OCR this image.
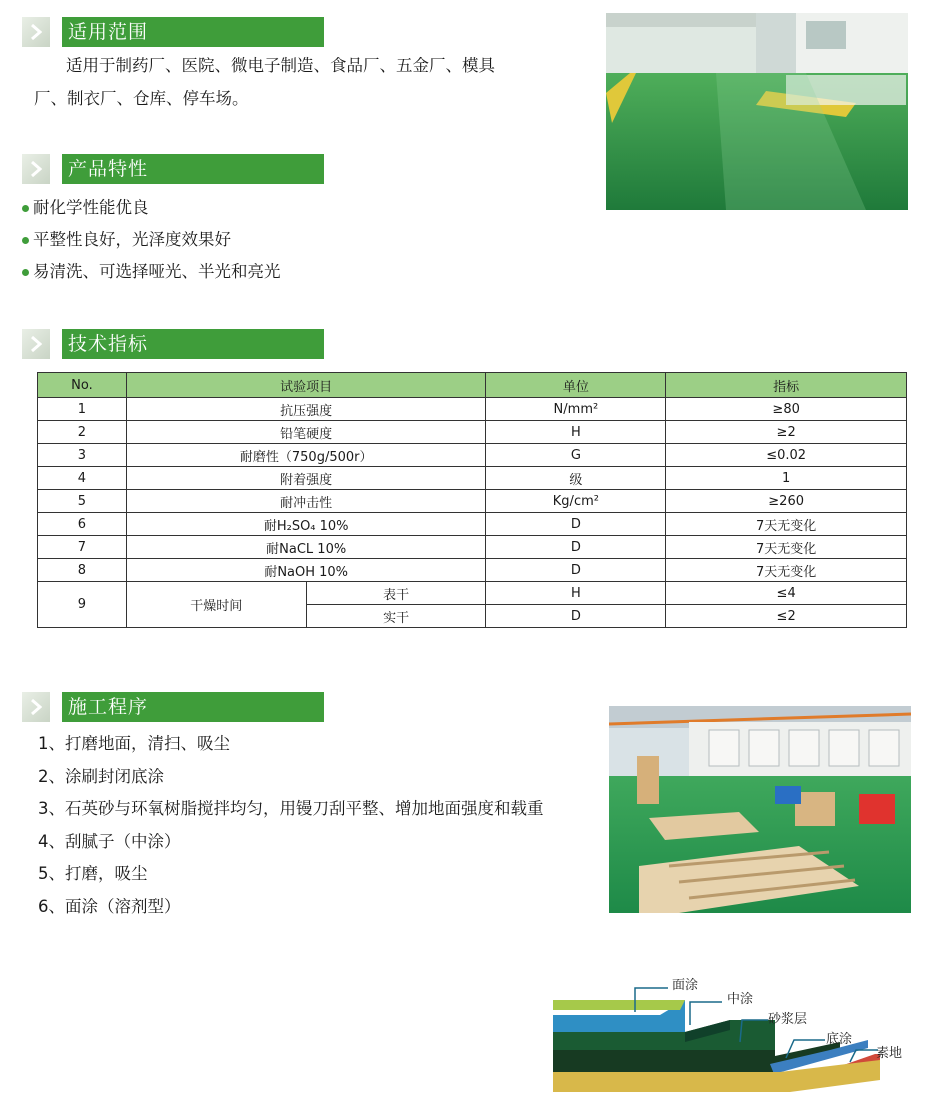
适用范围
适用于制药厂、医院、微电子制造、食品厂、五金厂、模具
厂、制衣厂、仓库、停车场。
产品特性
耐化学性能优良
平整性良好，光泽度效果好
易清洗、可选择哑光、半光和亮光
技术指标
No.	试验项目		单位	指标
1	抗压强度		N/mm²	≥80
2	铅笔硬度		H	≥2
3	耐磨性（750g/500r）		G	≤0.02
4	附着强度		级	1
5	耐冲击性		Kg/cm²	≥260
6	耐H₂SO₄ 10%		D	7天无变化
7	耐NaCL 10%		D	7天无变化
8	耐NaOH 10%		D	7天无变化
9	干燥时间	表干	H	≤4
		实干	D	≤2
施工程序
1、打磨地面，清扫、吸尘
2、涂刷封闭底涂
3、石英砂与环氧树脂搅拌均匀，用镘刀刮平整、增加地面强度和载重
4、刮腻子（中涂）
5、打磨，吸尘
6、面涂（溶剂型）
面涂
中涂
砂浆层
底涂
素地
